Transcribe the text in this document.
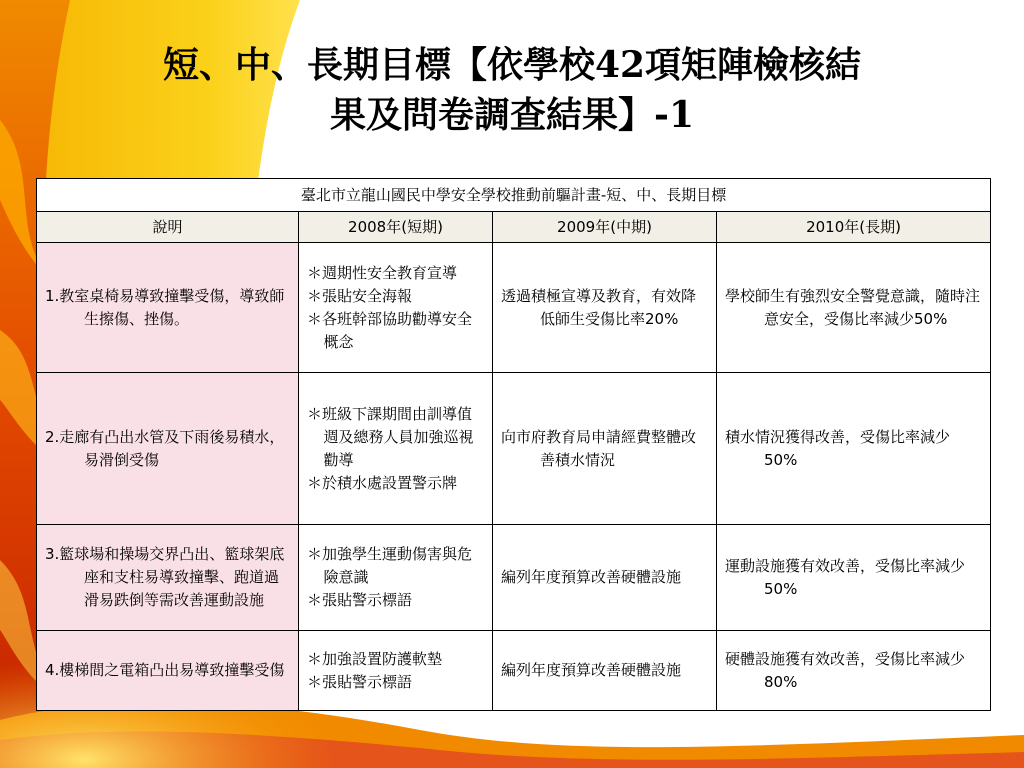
短、中、長期目標【依學校42項矩陣檢核結
果及問卷調查結果】-1
臺北市立龍山國民中學安全學校推動前驅計畫-短、中、長期目標			
說明	2008年(短期)	2009年(中期)	2010年(長期)

1.教室桌椅易導致撞擊受傷，導致師生擦傷、挫傷。	＊週期性安全教育宣導
＊張貼安全海報
＊各班幹部協助勸導安全概念	透過積極宣導及教育，有效降低師生受傷比率20%	學校師生有強烈安全警覺意識，隨時注意安全，受傷比率減少50%

2.走廊有凸出水管及下雨後易積水，易滑倒受傷	＊班級下課期間由訓導值週及總務人員加強巡視勸導
＊於積水處設置警示牌	向市府教育局申請經費整體改善積水情況	積水情況獲得改善，受傷比率減少50%

3.籃球場和操場交界凸出、籃球架底座和支柱易導致撞擊、跑道過滑易跌倒等需改善運動設施	＊加強學生運動傷害與危險意識
＊張貼警示標語	編列年度預算改善硬體設施	運動設施獲有效改善，受傷比率減少50%

4.樓梯間之電箱凸出易導致撞擊受傷	＊加強設置防護軟墊
＊張貼警示標語	編列年度預算改善硬體設施	硬體設施獲有效改善，受傷比率減少80%
